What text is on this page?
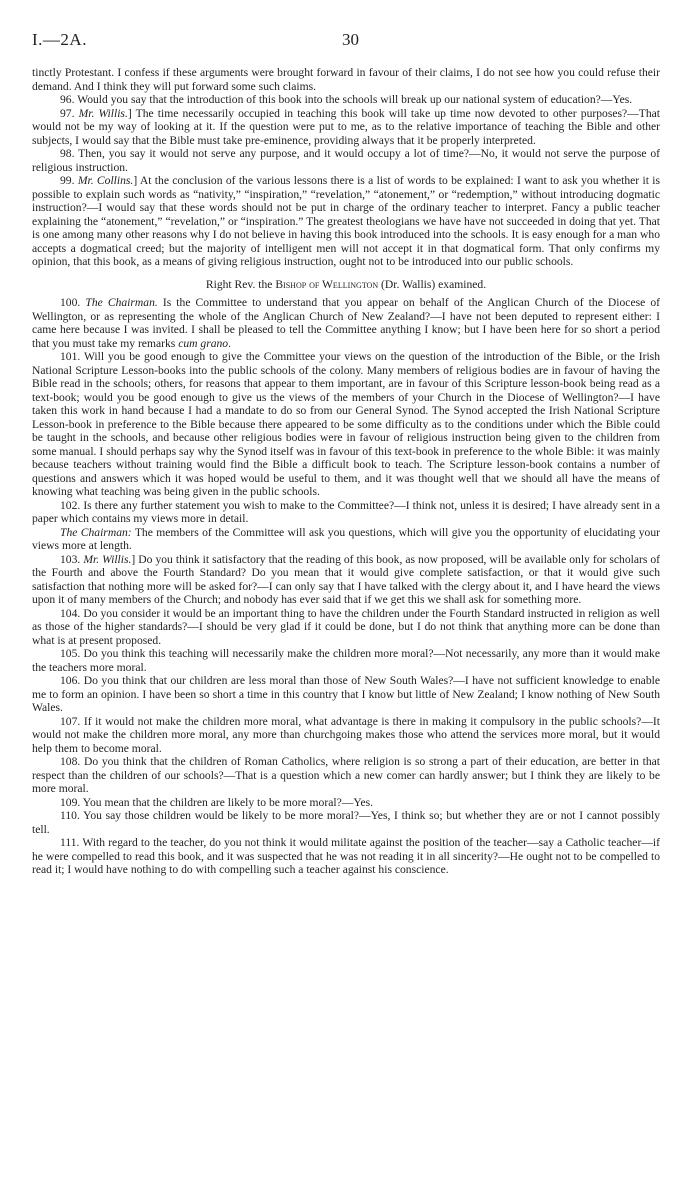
I.—2A.	30

tinctly Protestant. I confess if these arguments were brought forward in favour of their claims, I do not see how you could refuse their demand. And I think they will put forward some such claims.

96. Would you say that the introduction of this book into the schools will break up our national system of education?—Yes.

97. Mr. Willis.] The time necessarily occupied in teaching this book will take up time now devoted to other purposes?—That would not be my way of looking at it. If the question were put to me, as to the relative importance of teaching the Bible and other subjects, I would say that the Bible must take pre-eminence, providing always that it be properly interpreted.

98. Then, you say it would not serve any purpose, and it would occupy a lot of time?—No, it would not serve the purpose of religious instruction.

99. Mr. Collins.] At the conclusion of the various lessons there is a list of words to be explained: I want to ask you whether it is possible to explain such words as “nativity,” “inspiration,” “revelation,” “atonement,” or “redemption,” without introducing dogmatic instruction?—I would say that these words should not be put in charge of the ordinary teacher to interpret. Fancy a public teacher explaining the “atonement,” “revelation,” or “inspiration.” The greatest theologians we have have not succeeded in doing that yet. That is one among many other reasons why I do not believe in having this book introduced into the schools. It is easy enough for a man who accepts a dogmatical creed; but the majority of intelligent men will not accept it in that dogmatical form. That only confirms my opinion, that this book, as a means of giving religious instruction, ought not to be introduced into our public schools.

Right Rev. the Bishop of Wellington (Dr. Wallis) examined.

100. The Chairman. Is the Committee to understand that you appear on behalf of the Anglican Church of the Diocese of Wellington, or as representing the whole of the Anglican Church of New Zealand?—I have not been deputed to represent either: I came here because I was invited. I shall be pleased to tell the Committee anything I know; but I have been here for so short a period that you must take my remarks cum grano.

101. Will you be good enough to give the Committee your views on the question of the introduction of the Bible, or the Irish National Scripture Lesson-books into the public schools of the colony. Many members of religious bodies are in favour of having the Bible read in the schools; others, for reasons that appear to them important, are in favour of this Scripture lesson-book being read as a text-book; would you be good enough to give us the views of the members of your Church in the Diocese of Wellington?—I have taken this work in hand because I had a mandate to do so from our General Synod. The Synod accepted the Irish National Scripture Lesson-book in preference to the Bible because there appeared to be some difficulty as to the conditions under which the Bible could be taught in the schools, and because other religious bodies were in favour of religious instruction being given to the children from some manual. I should perhaps say why the Synod itself was in favour of this text-book in preference to the whole Bible: it was mainly because teachers without training would find the Bible a difficult book to teach. The Scripture lesson-book contains a number of questions and answers which it was hoped would be useful to them, and it was thought well that we should all have the means of knowing what teaching was being given in the public schools.

102. Is there any further statement you wish to make to the Committee?—I think not, unless it is desired; I have already sent in a paper which contains my views more in detail.

The Chairman: The members of the Committee will ask you questions, which will give you the opportunity of elucidating your views more at length.

103. Mr. Willis.] Do you think it satisfactory that the reading of this book, as now proposed, will be available only for scholars of the Fourth and above the Fourth Standard? Do you mean that it would give complete satisfaction, or that it would give such satisfaction that nothing more will be asked for?—I can only say that I have talked with the clergy about it, and I have heard the views upon it of many members of the Church; and nobody has ever said that if we get this we shall ask for something more.

104. Do you consider it would be an important thing to have the children under the Fourth Standard instructed in religion as well as those of the higher standards?—I should be very glad if it could be done, but I do not think that anything more can be done than what is at present proposed.

105. Do you think this teaching will necessarily make the children more moral?—Not necessarily, any more than it would make the teachers more moral.

106. Do you think that our children are less moral than those of New South Wales?—I have not sufficient knowledge to enable me to form an opinion. I have been so short a time in this country that I know but little of New Zealand; I know nothing of New South Wales.

107. If it would not make the children more moral, what advantage is there in making it compulsory in the public schools?—It would not make the children more moral, any more than churchgoing makes those who attend the services more moral, but it would help them to become moral.

108. Do you think that the children of Roman Catholics, where religion is so strong a part of their education, are better in that respect than the children of our schools?—That is a question which a new comer can hardly answer; but I think they are likely to be more moral.

109. You mean that the children are likely to be more moral?—Yes.

110. You say those children would be likely to be more moral?—Yes, I think so; but whether they are or not I cannot possibly tell.

111. With regard to the teacher, do you not think it would militate against the position of the teacher—say a Catholic teacher—if he were compelled to read this book, and it was suspected that he was not reading it in all sincerity?—He ought not to be compelled to read it; I would have nothing to do with compelling such a teacher against his conscience.
